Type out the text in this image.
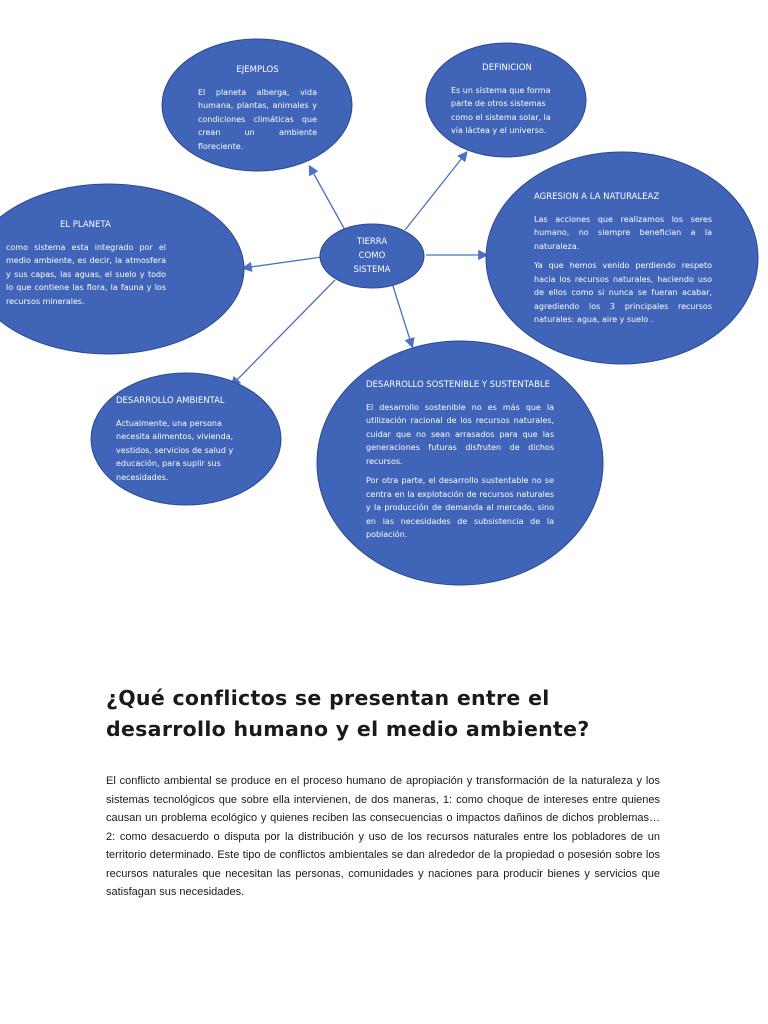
TIERRA
COMO
SISTEMA
EJEMPLOS

El planeta alberga, vida humana, plantas, animales y condiciones climáticas que crean un ambiente floreciente.

DEFINICION

Es un sistema que forma parte de otros sistemas como el sistema solar, la vía láctea y el universo.

AGRESION A LA NATURALEAZ

Las acciones que realizamos los seres humano, no siempre benefician a la naturaleza.

Ya que hemos venido perdiendo respeto hacia los recursos naturales, haciendo uso de ellos como si nunca se fueran acabar, agrediendo los 3 principales recursos naturales: agua, aire y suelo .

EL PLANETA

como sistema esta integrado por el medio ambiente, es decir, la atmosfera y sus capas, las aguas, el suelo y todo lo que contiene las flora, la fauna y los recursos minerales.

DESARROLLO AMBIENTAL

Actualmente, una persona necesita alimentos, vivienda, vestidos, servicios de salud y educación, para suplir sus necesidades.

DESARROLLO SOSTENIBLE Y SUSTENTABLE

El desarrollo sostenible no es más que la utilización racional de los recursos naturales, cuidar que no sean arrasados para que las generaciones futuras disfruten de dichos recursos.

Por otra parte, el desarrollo sustentable no se centra en la explotación de recursos naturales y la producción de demanda al mercado, sino en las necesidades de subsistencia de la población.

¿Qué conflictos se presentan entre el desarrollo humano y el medio ambiente?

El conflicto ambiental se produce en el proceso humano de apropiación y transformación de la naturaleza y los sistemas tecnológicos que sobre ella intervienen, de dos maneras, 1: como choque de intereses entre quienes causan un problema ecológico y quienes reciben las consecuencias o impactos dañinos de dichos problemas… 2: como desacuerdo o disputa por la distribución y uso de los recursos naturales entre los pobladores de un territorio determinado. Este tipo de conflictos ambientales se dan alrededor de la propiedad o posesión sobre los recursos naturales que necesitan las personas, comunidades y naciones para producir bienes y servicios que satisfagan sus necesidades.
